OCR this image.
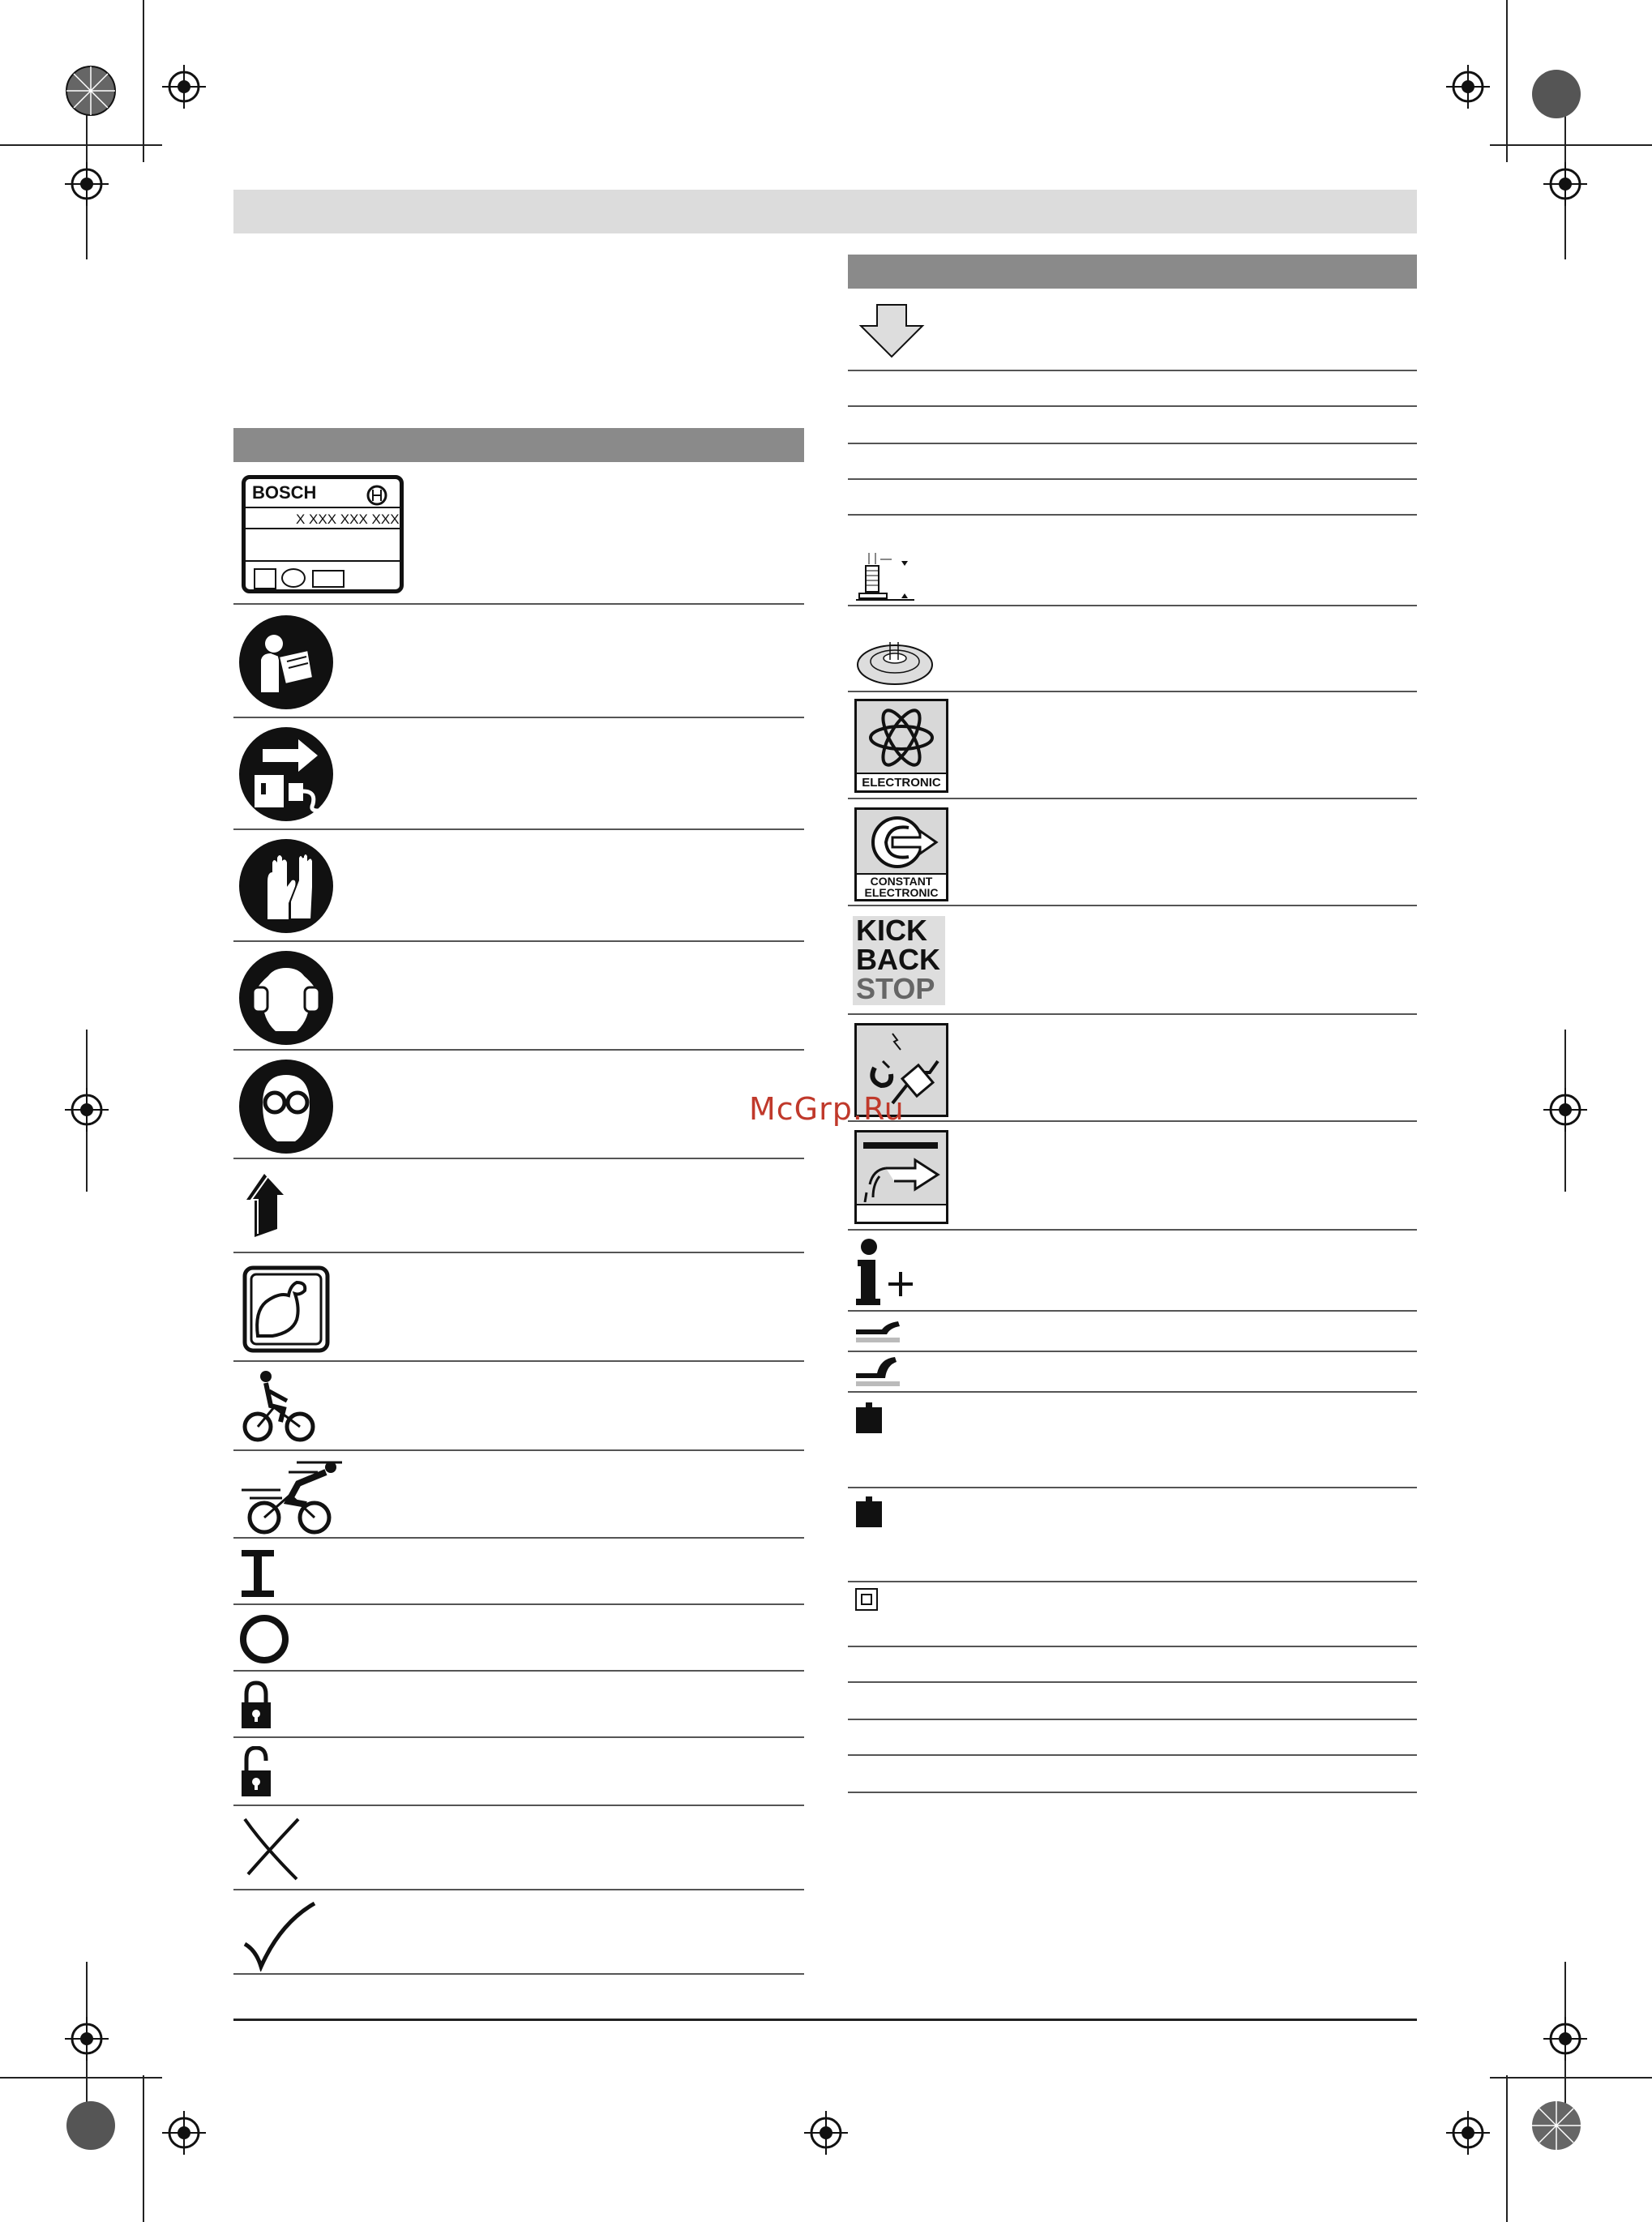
BOSCH
X XXX XXX XXX
ELECTRONIC
CONSTANT
ELECTRONIC
KICK
BACK
STOP
McGrp.Ru
